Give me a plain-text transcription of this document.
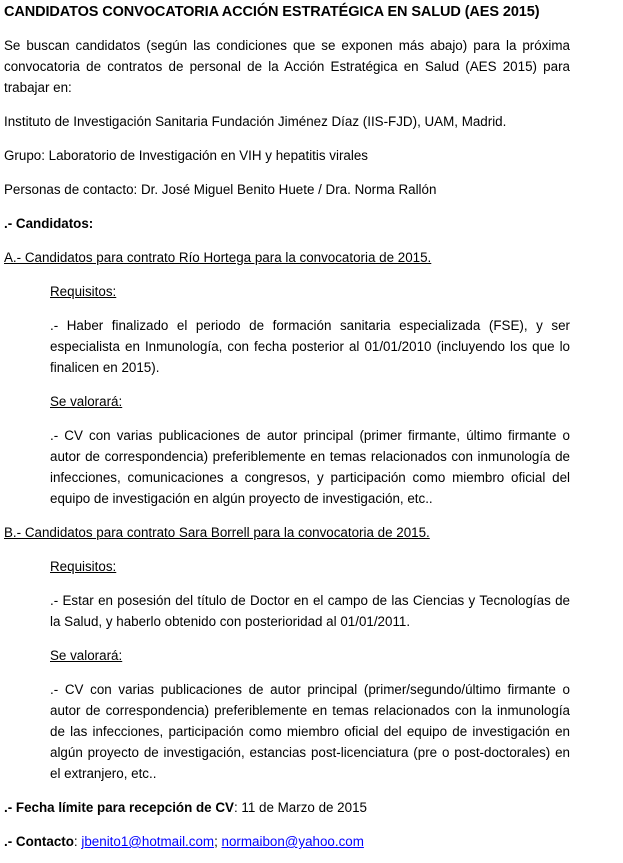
CANDIDATOS CONVOCATORIA ACCIÓN ESTRATÉGICA EN SALUD (AES 2015)

Se buscan candidatos (según las condiciones que se exponen más abajo) para la próxima convocatoria de contratos de personal de la Acción Estratégica en Salud (AES 2015) para trabajar en:

Instituto de Investigación Sanitaria Fundación Jiménez Díaz (IIS-FJD), UAM, Madrid.

Grupo: Laboratorio de Investigación en VIH y hepatitis virales

Personas de contacto: Dr. José Miguel Benito Huete / Dra. Norma Rallón

.- Candidatos:

A.- Candidatos para contrato Río Hortega para la convocatoria de 2015.

Requisitos:

.- Haber finalizado el periodo de formación sanitaria especializada (FSE), y ser especialista en Inmunología, con fecha posterior al 01/01/2010 (incluyendo los que lo finalicen en 2015).

Se valorará:

.- CV con varias publicaciones de autor principal (primer firmante, último firmante o autor de correspondencia) preferiblemente en temas relacionados con inmunología de infecciones, comunicaciones a congresos, y participación como miembro oficial del equipo de investigación en algún proyecto de investigación, etc..

B.- Candidatos para contrato Sara Borrell para la convocatoria de 2015.

Requisitos:

.- Estar en posesión del título de Doctor en el campo de las Ciencias y Tecnologías de la Salud, y haberlo obtenido con posterioridad al 01/01/2011.

Se valorará:

.- CV con varias publicaciones de autor principal (primer/segundo/último firmante o autor de correspondencia) preferiblemente en temas relacionados con la inmunología de las infecciones, participación como miembro oficial del equipo de investigación en algún proyecto de investigación, estancias post-licenciatura (pre o post-doctorales) en el extranjero, etc..

.- Fecha límite para recepción de CV: 11 de Marzo de 2015

.- Contacto: jbenito1@hotmail.com; normaibon@yahoo.com
